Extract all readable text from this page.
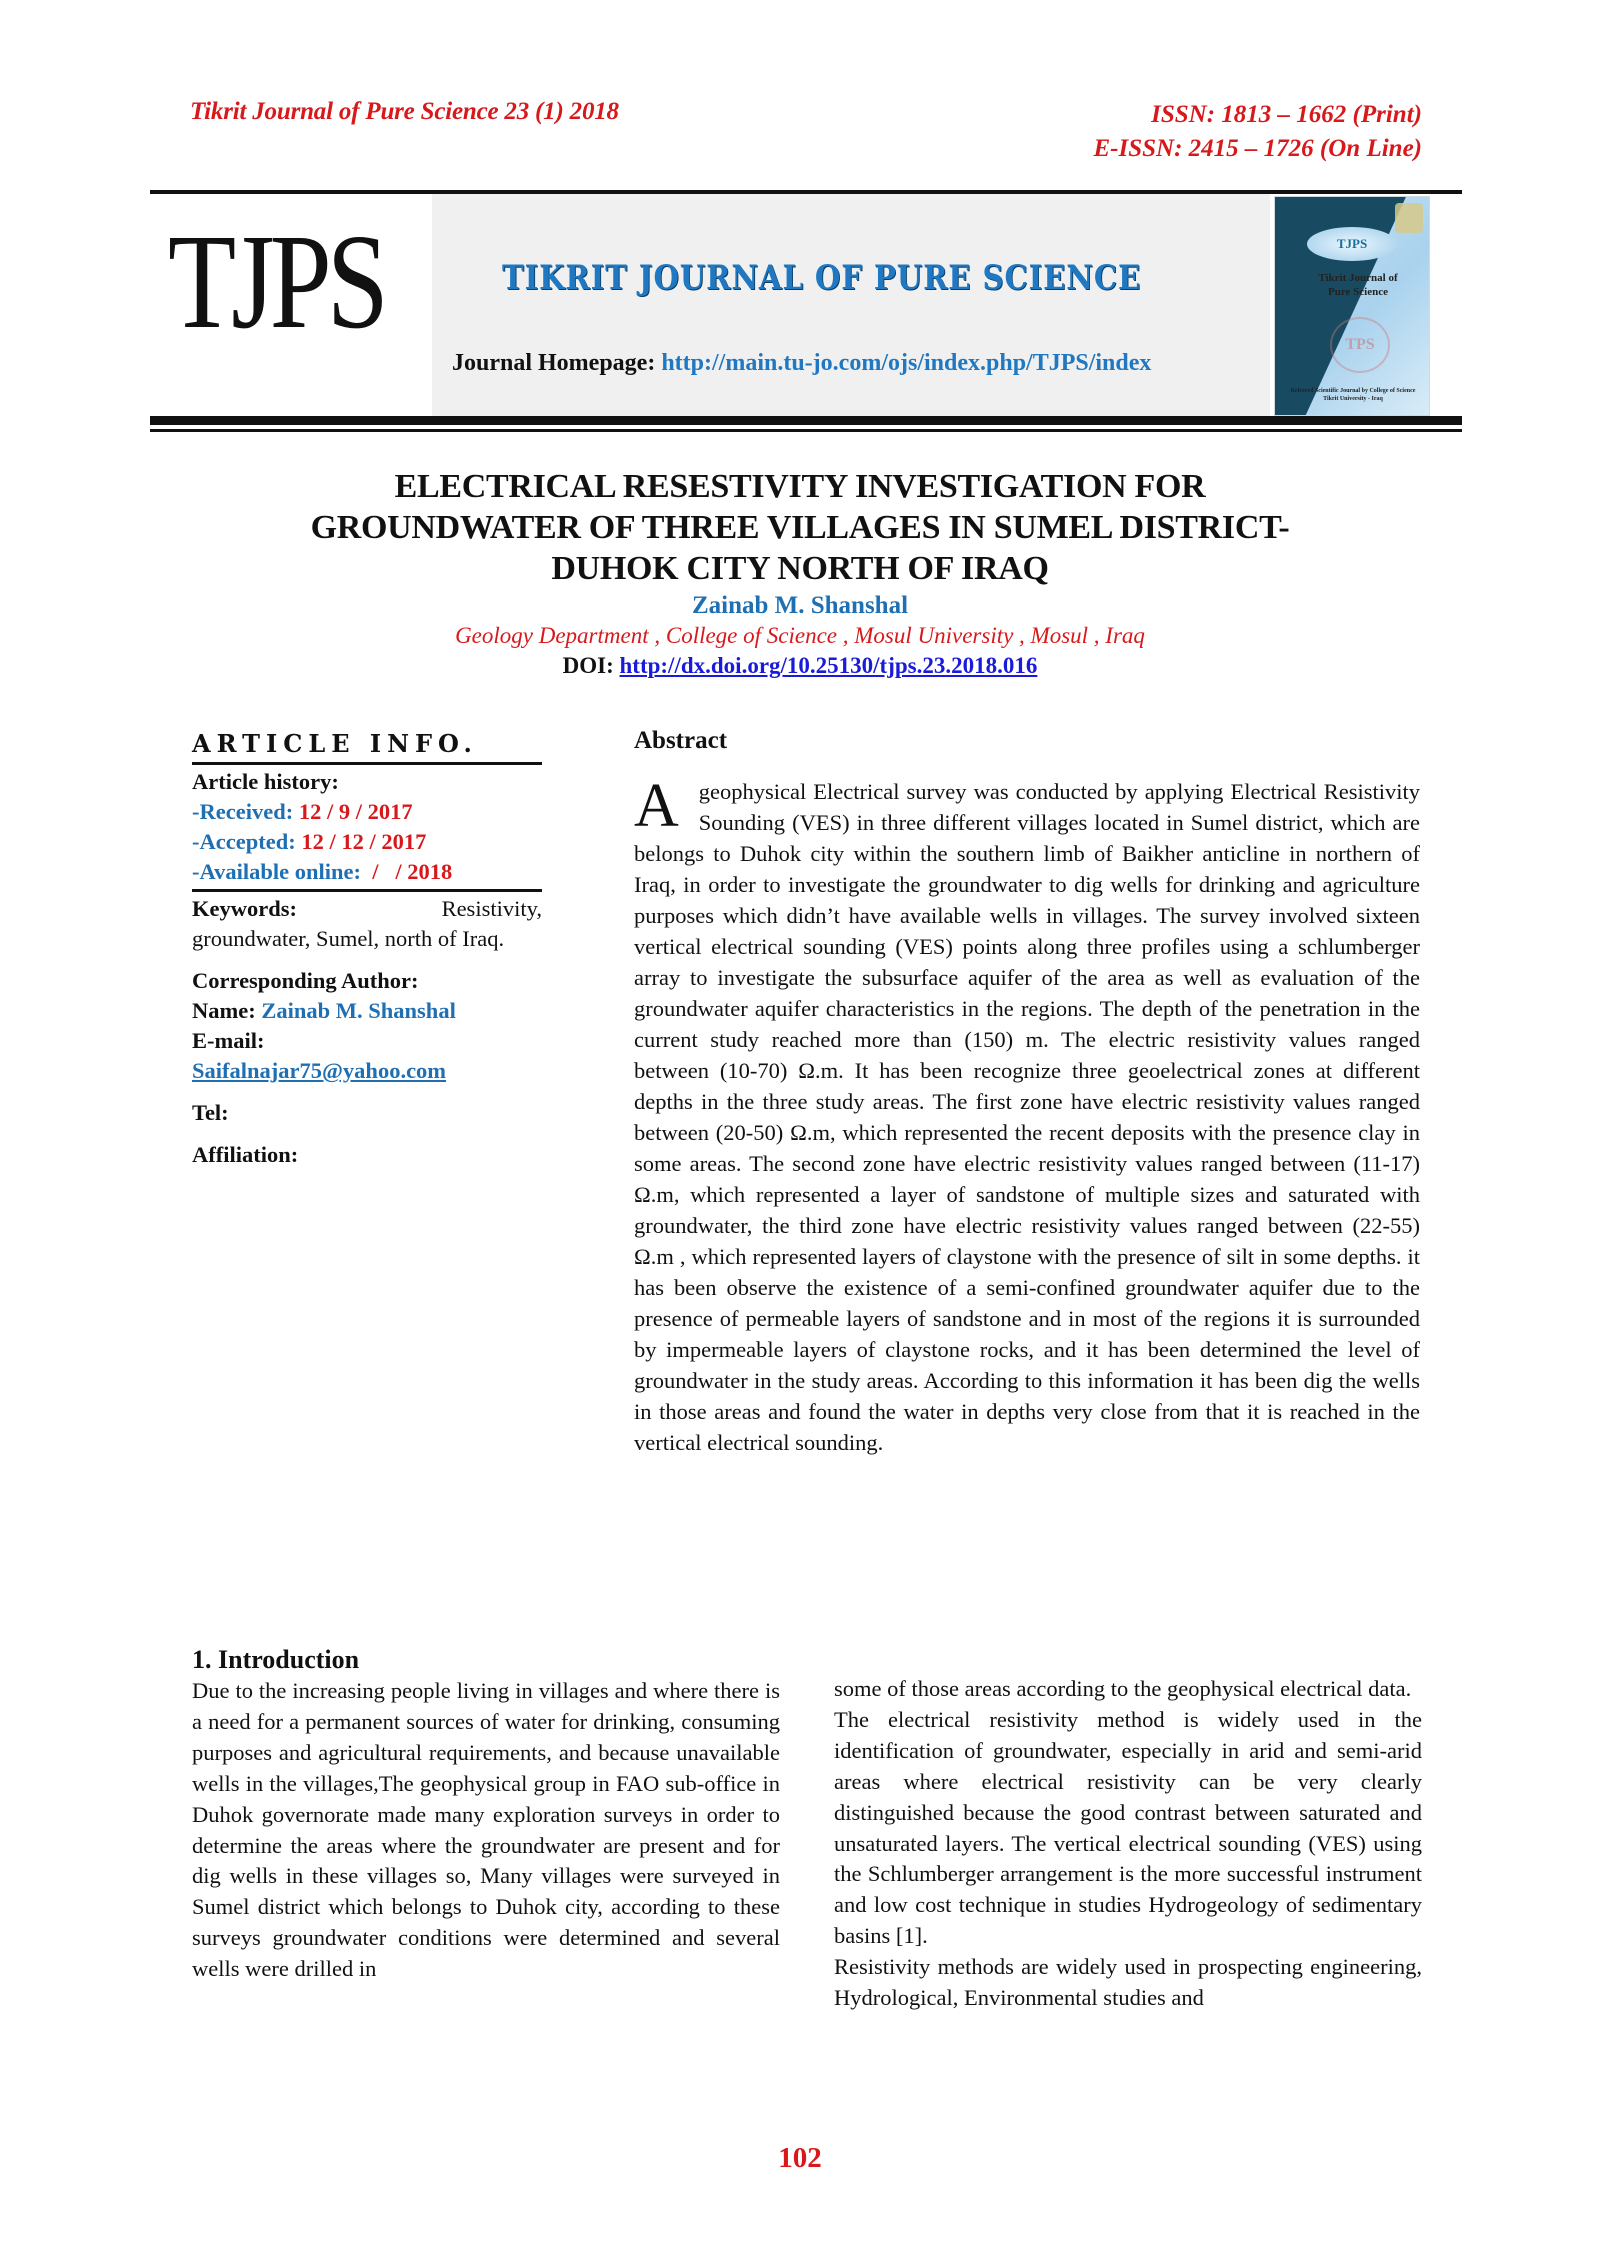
Tikrit Journal of Pure Science 23 (1) 2018	ISSN: 1813 – 1662 (Print)
E-ISSN: 2415 – 1726 (On Line)
TJPS	TIKRIT JOURNAL OF PURE SCIENCE
Journal Homepage: http://main.tu-jo.com/ojs/index.php/TJPS/index
TJPS
Tikrit Journal of
Pure Science
TPS
Refereed Scientific Journal by College of Science
Tikrit University - Iraq
ELECTRICAL RESESTIVITY INVESTIGATION FOR
GROUNDWATER OF THREE VILLAGES IN SUMEL DISTRICT-
DUHOK CITY NORTH OF IRAQ
Zainab M. Shanshal
Geology Department , College of Science , Mosul University , Mosul , Iraq
DOI: http://dx.doi.org/10.25130/tjps.23.2018.016
ARTICLE INFO.
Article history:
-Received: 12 / 9 / 2017
-Accepted: 12 / 12 / 2017
-Available online:  /   / 2018
Keywords:	Resistivity,
groundwater, Sumel, north of Iraq.
Corresponding Author:
Name: Zainab M. Shanshal
E-mail:
Saifalnajar75@yahoo.com
Tel:
Affiliation:
Abstract
Ageophysical Electrical survey was conducted by applying Electrical Resistivity Sounding (VES) in three different villages located in Sumel district, which are belongs to Duhok city within the southern limb of Baikher anticline in northern of Iraq, in order to investigate the groundwater to dig wells for drinking and agriculture purposes which didn’t have available wells in villages. The survey involved sixteen vertical electrical sounding (VES) points along three profiles using a schlumberger array to investigate the subsurface aquifer of the area as well as evaluation of the groundwater aquifer characteristics in the regions. The depth of the penetration in the current study reached more than (150) m. The electric resistivity values ranged between (10-70) Ω.m. It has been recognize three geoelectrical zones at different depths in the three study areas. The first zone have electric resistivity values ranged between (20-50) Ω.m, which represented the recent deposits with the presence clay in some areas. The second zone have electric resistivity values ranged between (11-17) Ω.m, which represented a layer of sandstone of multiple sizes and saturated with groundwater, the third zone have electric resistivity values ranged between (22-55) Ω.m , which represented layers of claystone with the presence of silt in some depths. it has been observe the existence of a semi-confined groundwater aquifer due to the presence of permeable layers of sandstone and in most of the regions it is surrounded by impermeable layers of claystone rocks, and it has been determined the level of groundwater in the study areas. According to this information it has been dig the wells in those areas and found the water in depths very close from that it is reached in the vertical electrical sounding.
1. Introduction
Due to the increasing people living in villages and where there is a need for a permanent sources of water for drinking, consuming purposes and agricultural requirements, and because unavailable wells in the villages,The geophysical group in FAO sub-office in Duhok governorate made many exploration surveys in order to determine the areas where the groundwater are present and for dig wells in these villages so, Many villages were surveyed in Sumel district which belongs to Duhok city, according to these surveys groundwater conditions were determined and several wells were drilled in
some of those areas according to the geophysical electrical data.
The electrical resistivity method is widely used in the identification of groundwater, especially in arid and semi-arid areas where electrical resistivity can be very clearly distinguished because the good contrast between saturated and unsaturated layers. The vertical electrical sounding (VES) using the Schlumberger arrangement is the more successful instrument and low cost technique in studies Hydrogeology of sedimentary basins [1].
Resistivity methods are widely used in prospecting engineering, Hydrological, Environmental studies and
102
